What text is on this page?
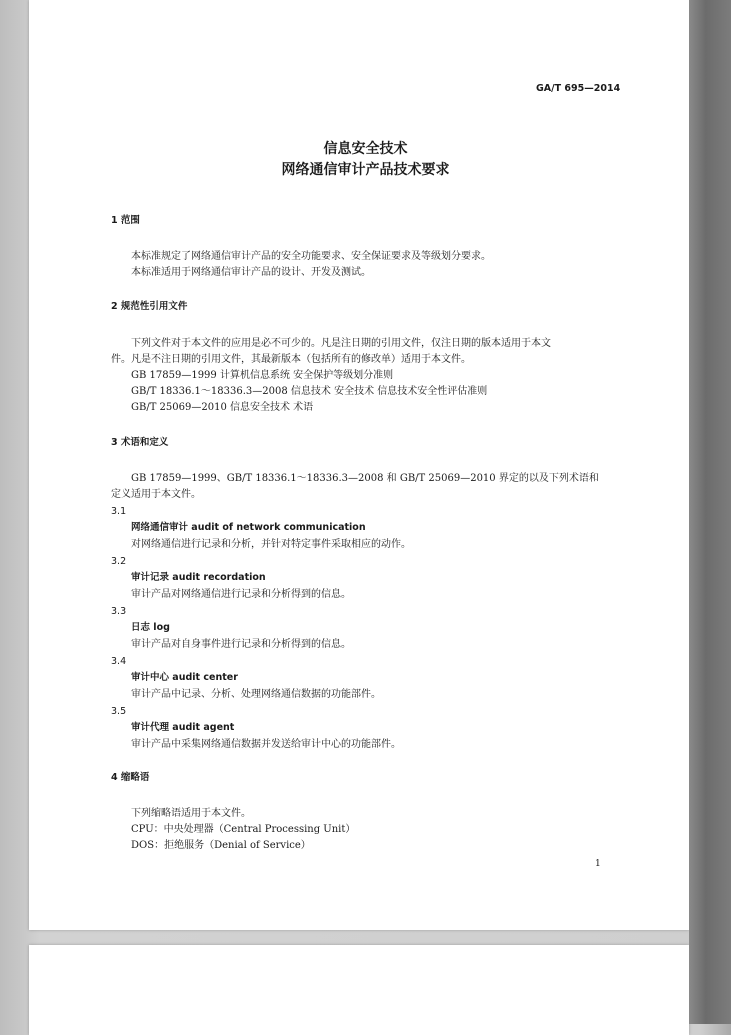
GA/T 695—2014
信息安全技术
网络通信审计产品技术要求
1 范围
本标准规定了网络通信审计产品的安全功能要求、安全保证要求及等级划分要求。
本标准适用于网络通信审计产品的设计、开发及测试。
2 规范性引用文件
下列文件对于本文件的应用是必不可少的。凡是注日期的引用文件，仅注日期的版本适用于本文
件。凡是不注日期的引用文件，其最新版本（包括所有的修改单）适用于本文件。
GB 17859—1999 计算机信息系统 安全保护等级划分准则
GB/T 18336.1～18336.3—2008 信息技术 安全技术 信息技术安全性评估准则
GB/T 25069—2010 信息安全技术 术语
3 术语和定义
GB 17859—1999、GB/T 18336.1～18336.3—2008 和 GB/T 25069—2010 界定的以及下列术语和
定义适用于本文件。
3.1
网络通信审计 audit of network communication
对网络通信进行记录和分析，并针对特定事件采取相应的动作。
3.2
审计记录 audit recordation
审计产品对网络通信进行记录和分析得到的信息。
3.3
日志 log
审计产品对自身事件进行记录和分析得到的信息。
3.4
审计中心 audit center
审计产品中记录、分析、处理网络通信数据的功能部件。
3.5
审计代理 audit agent
审计产品中采集网络通信数据并发送给审计中心的功能部件。
4 缩略语
下列缩略语适用于本文件。
CPU：中央处理器（Central Processing Unit）
DOS：拒绝服务（Denial of Service）
1
